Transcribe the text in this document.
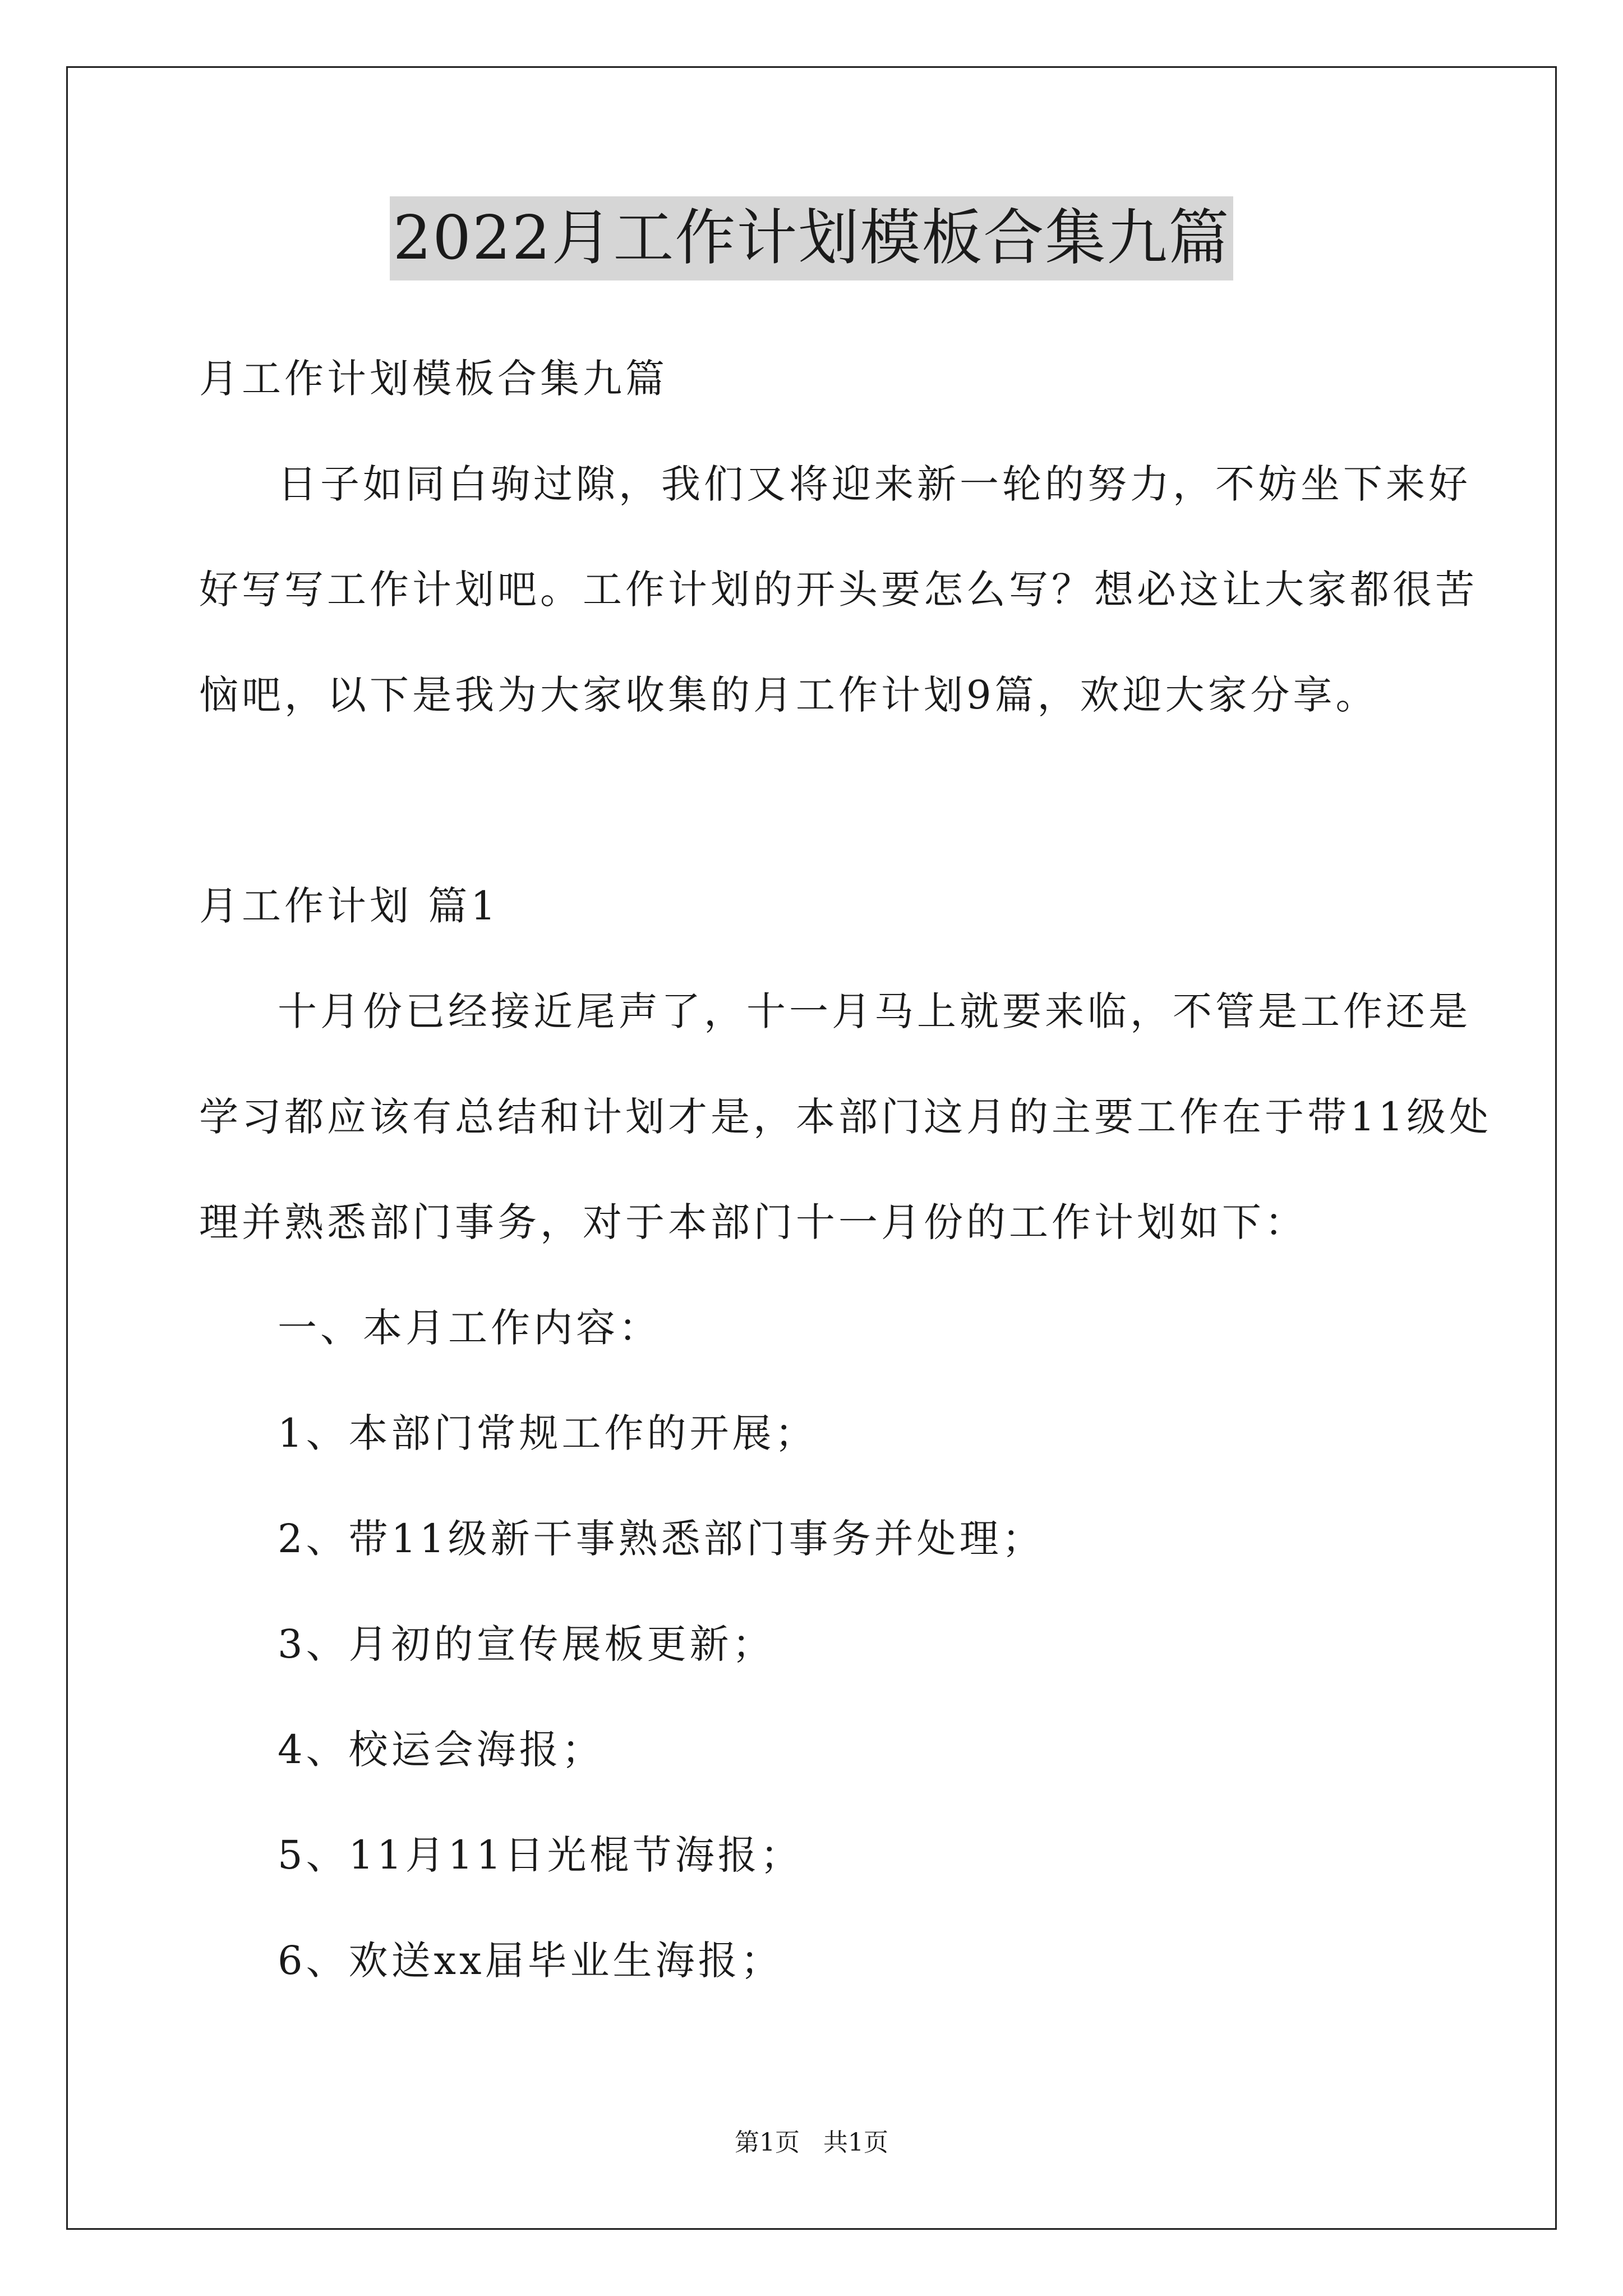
2022月工作计划模板合集九篇
月工作计划模板合集九篇
日子如同白驹过隙，我们又将迎来新一轮的努力，不妨坐下来好
好写写工作计划吧。工作计划的开头要怎么写？想必这让大家都很苦
恼吧，以下是我为大家收集的月工作计划9篇，欢迎大家分享。
月工作计划 篇1
十月份已经接近尾声了，十一月马上就要来临，不管是工作还是
学习都应该有总结和计划才是，本部门这月的主要工作在于带11级处
理并熟悉部门事务，对于本部门十一月份的工作计划如下：
一、本月工作内容：
1、本部门常规工作的开展；
2、带11级新干事熟悉部门事务并处理；
3、月初的宣传展板更新；
4、校运会海报；
5、11月11日光棍节海报；
6、欢送xx届毕业生海报；
第1页 共1页
